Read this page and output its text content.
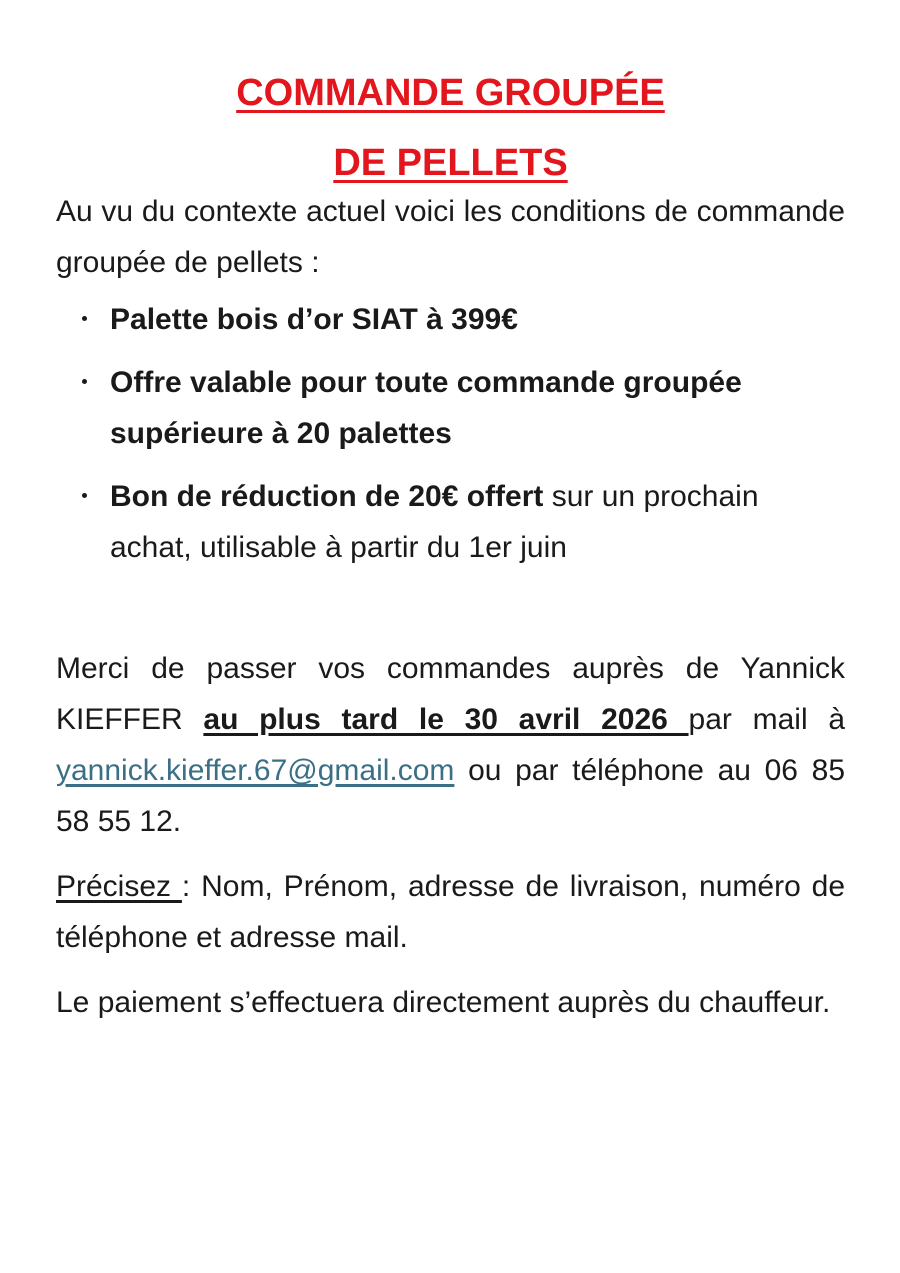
COMMANDE GROUPÉE
DE PELLETS

Au vu du contexte actuel voici les conditions de commande groupée de pellets :

Palette bois d’or SIAT à 399€
Offre valable pour toute commande groupée supérieure à 20 palettes
Bon de réduction de 20€ offert sur un prochain achat, utilisable à partir du 1er juin

Merci de passer vos commandes auprès de Yannick KIEFFER au plus tard le 30 avril 2026 par mail à yannick.kieffer.67@gmail.com ou par téléphone au 06 85 58 55 12.

Précisez : Nom, Prénom, adresse de livraison, numéro de téléphone et adresse mail.

Le paiement s’effectuera directement auprès du chauffeur.
